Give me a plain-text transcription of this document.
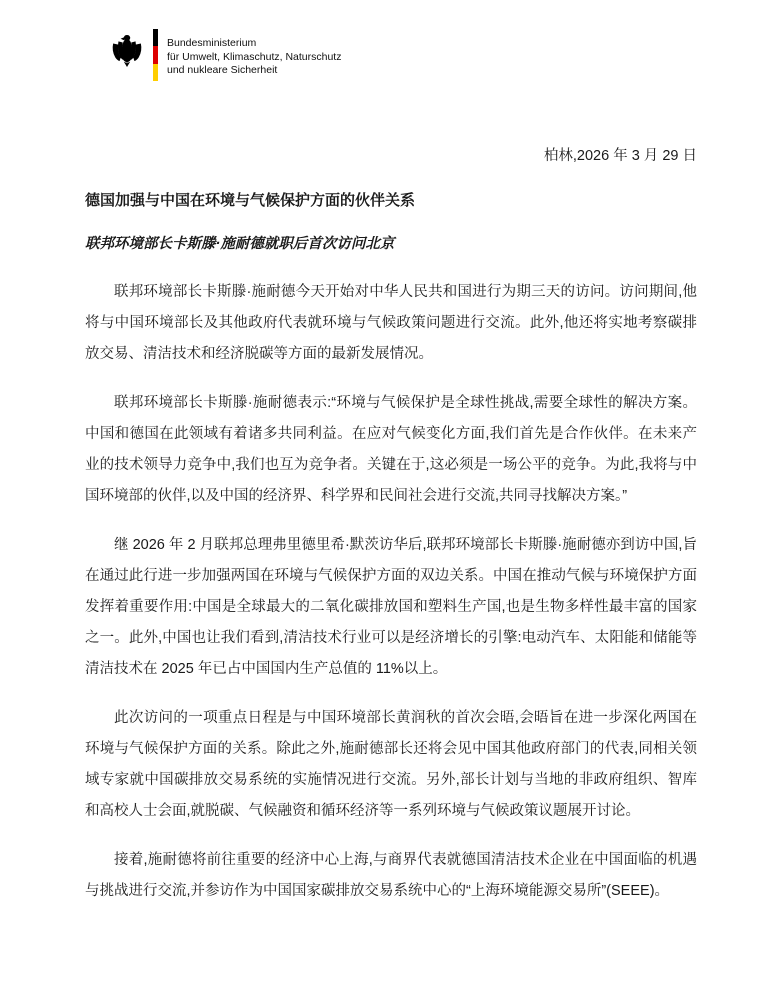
Bundesministerium
für Umwelt, Klimaschutz, Naturschutz
und nukleare Sicherheit
柏林,2026 年 3 月 29 日
德国加强与中国在环境与气候保护方面的伙伴关系
联邦环境部长卡斯滕·施耐德就职后首次访问北京

联邦环境部长卡斯滕·施耐德今天开始对中华人民共和国进行为期三天的访问。访问期间,他将与中国环境部长及其他政府代表就环境与气候政策问题进行交流。此外,他还将实地考察碳排放交易、清洁技术和经济脱碳等方面的最新发展情况。

联邦环境部长卡斯滕·施耐德表示:“环境与气候保护是全球性挑战,需要全球性的解决方案。中国和德国在此领域有着诸多共同利益。在应对气候变化方面,我们首先是合作伙伴。在未来产业的技术领导力竞争中,我们也互为竞争者。关键在于,这必须是一场公平的竞争。为此,我将与中国环境部的伙伴,以及中国的经济界、科学界和民间社会进行交流,共同寻找解决方案。”

继 2026 年 2 月联邦总理弗里德里希·默茨访华后,联邦环境部长卡斯滕·施耐德亦到访中国,旨在通过此行进一步加强两国在环境与气候保护方面的双边关系。中国在推动气候与环境保护方面发挥着重要作用:中国是全球最大的二氧化碳排放国和塑料生产国,也是生物多样性最丰富的国家之一。此外,中国也让我们看到,清洁技术行业可以是经济增长的引擎:电动汽车、太阳能和储能等清洁技术在 2025 年已占中国国内生产总值的 11%以上。

此次访问的一项重点日程是与中国环境部长黄润秋的首次会晤,会晤旨在进一步深化两国在环境与气候保护方面的关系。除此之外,施耐德部长还将会见中国其他政府部门的代表,同相关领域专家就中国碳排放交易系统的实施情况进行交流。另外,部长计划与当地的非政府组织、智库和高校人士会面,就脱碳、气候融资和循环经济等一系列环境与气候政策议题展开讨论。

接着,施耐德将前往重要的经济中心上海,与商界代表就德国清洁技术企业在中国面临的机遇与挑战进行交流,并参访作为中国国家碳排放交易系统中心的“上海环境能源交易所”(SEEE)。
